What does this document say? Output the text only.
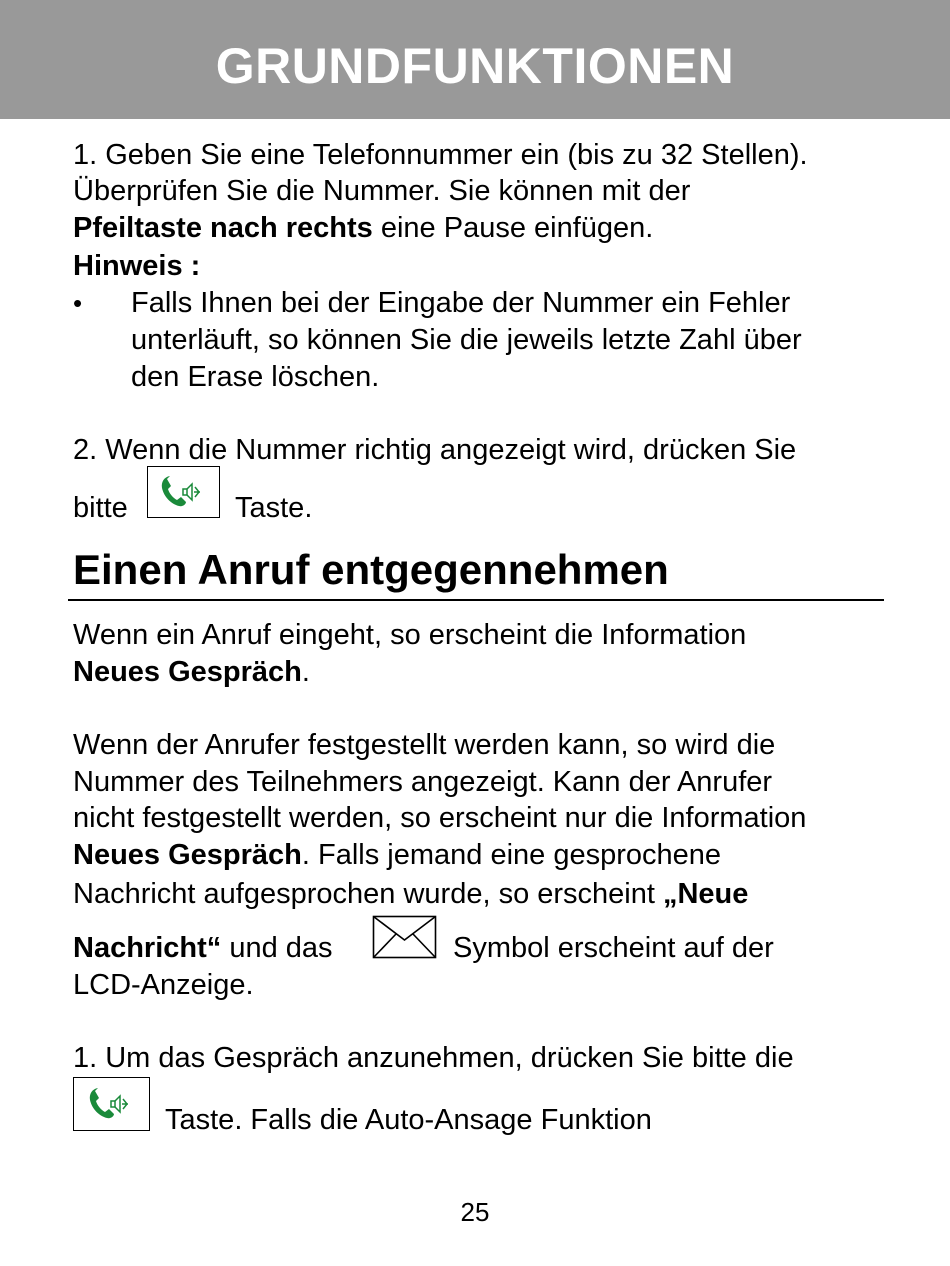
GRUNDFUNKTIONEN
1. Geben Sie eine Telefonnummer ein (bis zu 32 Stellen).
Überprüfen Sie die Nummer. Sie können mit der
Pfeiltaste nach rechts eine Pause einfügen.
Hinweis :
• Falls Ihnen bei der Eingabe der Nummer ein Fehler
unterläuft, so können Sie die jeweils letzte Zahl über
den Erase löschen.
2. Wenn die Nummer richtig angezeigt wird, drücken Sie
bitte	Taste.
Einen Anruf entgegennehmen
Wenn ein Anruf eingeht, so erscheint die Information
Neues Gespräch.
Wenn der Anrufer festgestellt werden kann, so wird die
Nummer des Teilnehmers angezeigt. Kann der Anrufer
nicht festgestellt werden, so erscheint nur die Information
Neues Gespräch. Falls jemand eine gesprochene
Nachricht aufgesprochen wurde, so erscheint „Neue
Nachricht“ und das	Symbol erscheint auf der
LCD-Anzeige.
1. Um das Gespräch anzunehmen, drücken Sie bitte die
Taste. Falls die Auto-Ansage Funktion
25
